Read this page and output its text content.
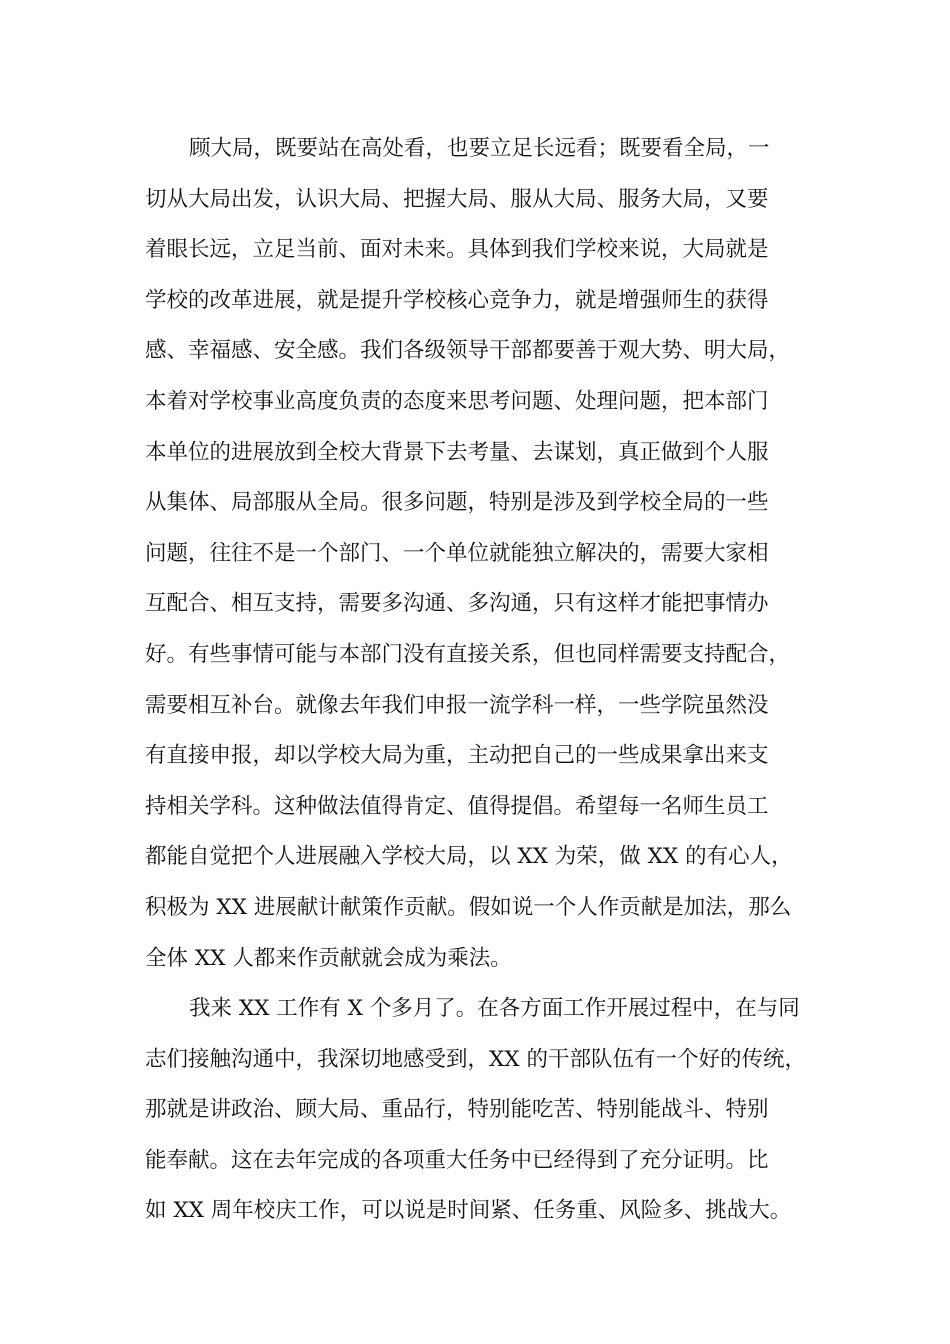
顾大局，既要站在高处看，也要立足长远看；既要看全局，一
切从大局出发，认识大局、把握大局、服从大局、服务大局，又要
着眼长远，立足当前、面对未来。具体到我们学校来说，大局就是
学校的改革进展，就是提升学校核心竞争力，就是增强师生的获得
感、幸福感、安全感。我们各级领导干部都要善于观大势、明大局，
本着对学校事业高度负责的态度来思考问题、处理问题，把本部门
本单位的进展放到全校大背景下去考量、去谋划，真正做到个人服
从集体、局部服从全局。很多问题，特别是涉及到学校全局的一些
问题，往往不是一个部门、一个单位就能独立解决的，需要大家相
互配合、相互支持，需要多沟通、多沟通，只有这样才能把事情办
好。有些事情可能与本部门没有直接关系，但也同样需要支持配合，
需要相互补台。就像去年我们申报一流学科一样，一些学院虽然没
有直接申报，却以学校大局为重，主动把自己的一些成果拿出来支
持相关学科。这种做法值得肯定、值得提倡。希望每一名师生员工
都能自觉把个人进展融入学校大局，以 XX 为荣，做 XX 的有心人，
积极为 XX 进展献计献策作贡献。假如说一个人作贡献是加法，那么
全体 XX 人都来作贡献就会成为乘法。
我来 XX 工作有 X 个多月了。在各方面工作开展过程中，在与同
志们接触沟通中，我深切地感受到，XX 的干部队伍有一个好的传统，
那就是讲政治、顾大局、重品行，特别能吃苦、特别能战斗、特别
能奉献。这在去年完成的各项重大任务中已经得到了充分证明。比
如 XX 周年校庆工作，可以说是时间紧、任务重、风险多、挑战大。
